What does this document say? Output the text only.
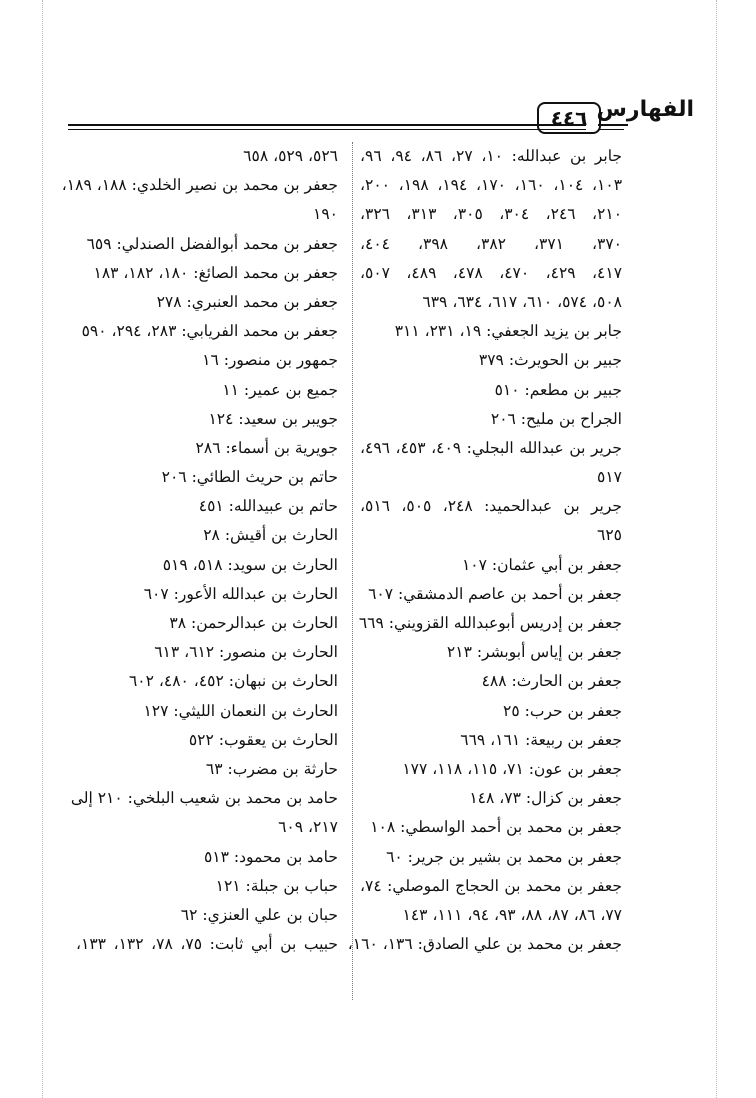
الفهارس
٤٤٦
جابر بن عبدالله: ١٠، ٢٧، ٨٦، ٩٤، ٩٦،
١٠٣، ١٠٤، ١٦٠، ١٧٠، ١٩٤، ١٩٨، ٢٠٠،
٢١٠، ٢٤٦، ٣٠٤، ٣٠٥، ٣١٣، ٣٢٦،
٣٧٠، ٣٧١، ٣٨٢، ٣٩٨، ٤٠٤،
٤١٧، ٤٢٩، ٤٧٠، ٤٧٨، ٤٨٩، ٥٠٧،
٥٠٨، ٥٧٤، ٦١٠، ٦١٧، ٦٣٤، ٦٣٩
جابر بن يزيد الجعفي: ١٩، ٢٣١، ٣١١
جبير بن الحويرث: ٣٧٩
جبير بن مطعم: ٥١٠
الجراح بن مليح: ٢٠٦
جرير بن عبدالله البجلي: ٤٠٩، ٤٥٣، ٤٩٦،
٥١٧
جرير بن عبدالحميد: ٢٤٨، ٥٠٥، ٥١٦،
٦٢٥
جعفر بن أبي عثمان: ١٠٧
جعفر بن أحمد بن عاصم الدمشقي: ٦٠٧
جعفر بن إدريس أبوعبدالله القزويني: ٦٦٩
جعفر بن إياس أبوبشر: ٢١٣
جعفر بن الحارث: ٤٨٨
جعفر بن حرب: ٢٥
جعفر بن ربيعة: ١٦١، ٦٦٩
جعفر بن عون: ٧١، ١١٥، ١١٨، ١٧٧
جعفر بن كزال: ٧٣، ١٤٨
جعفر بن محمد بن أحمد الواسطي: ١٠٨
جعفر بن محمد بن بشير بن جرير: ٦٠
جعفر بن محمد بن الحجاج الموصلي: ٧٤،
٧٧، ٨٦، ٨٧، ٨٨، ٩٣، ٩٤، ١١١، ١٤٣
جعفر بن محمد بن علي الصادق: ١٣٦، ١٦٠،
٥٢٦، ٥٢٩، ٦٥٨
جعفر بن محمد بن نصير الخلدي: ١٨٨، ١٨٩،
١٩٠
جعفر بن محمد أبوالفضل الصندلي: ٦٥٩
جعفر بن محمد الصائغ: ١٨٠، ١٨٢، ١٨٣
جعفر بن محمد العنبري: ٢٧٨
جعفر بن محمد الفريابي: ٢٨٣، ٢٩٤، ٥٩٠
جمهور بن منصور: ١٦
جميع بن عمير: ١١
جويبر بن سعيد: ١٢٤
جويرية بن أسماء: ٢٨٦
حاتم بن حريث الطائي: ٢٠٦
حاتم بن عبيدالله: ٤٥١
الحارث بن أقيش: ٢٨
الحارث بن سويد: ٥١٨، ٥١٩
الحارث بن عبدالله الأعور: ٦٠٧
الحارث بن عبدالرحمن: ٣٨
الحارث بن منصور: ٦١٢، ٦١٣
الحارث بن نبهان: ٤٥٢، ٤٨٠، ٦٠٢
الحارث بن النعمان الليثي: ١٢٧
الحارث بن يعقوب: ٥٢٢
حارثة بن مضرب: ٦٣
حامد بن محمد بن شعيب البلخي: ٢١٠ إلى
٢١٧، ٦٠٩
حامد بن محمود: ٥١٣
حباب بن جبلة: ١٢١
حبان بن علي العنزي: ٦٢
حبيب بن أبي ثابت: ٧٥، ٧٨، ١٣٢، ١٣٣،
